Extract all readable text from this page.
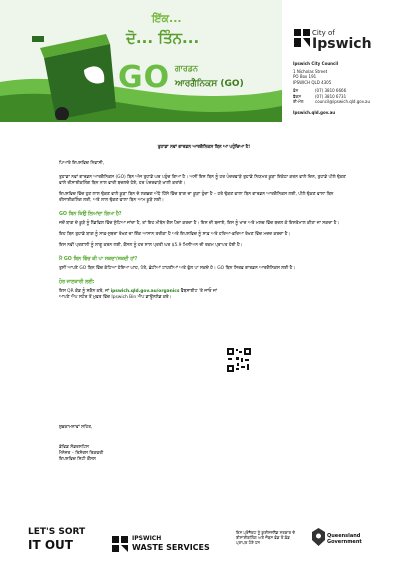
ਇੱਕ...
ਦੋ... ਤਿੰਨ...
GO ਗਾਰਡਨ
ਆਰਗੈਨਿਕਸ (GO)
City of
Ipswich
Ipswich City Council
1 Nicholas Street
PO Box 191
IPSWICH QLD 4305
ਫ਼ੋਨ	(07) 3810 6666
ਫ਼ੈਕਸ	(07) 3810 6731
ਈ-ਮੇਲ	council@ipswich.qld.gov.au
Ipswich.qld.gov.au
ਤੁਹਾਡਾ ਨਵਾਂ ਗਾਰਡਨ ਆਰਗੈਨਿਕਸ ਬਿਨ ਆ ਪਹੁੰਚਿਆ ਹੈ!
ਪਿਆਰੇ ਇਪਸਵਿਚ ਨਿਵਾਸੀ,
ਤੁਹਾਡਾ ਨਵਾਂ ਗਾਰਡਨ ਆਰਗੈਨਿਕਸ (GO) ਬਿਨ ਅੱਜ ਤੁਹਾਡੇ ਘਰ ਪਹੁੰਚ ਗਿਆ ਹੈ। ਅਸੀਂ ਇਸ ਬਿਨ ਨੂੰ ਹਰ ਪੰਦਰਵਾੜੇ ਤੁਹਾਡੇ ਨਿਯਮਤ ਕੂੜਾ ਇਕੱਠਾ ਕਰਨ ਵਾਲੇ ਦਿਨ, ਤੁਹਾਡੇ ਪੀਲੇ ਢੱਕਣ ਵਾਲੇ ਰੀਸਾਈਕਲਿੰਗ ਬਿਨ ਨਾਲ ਵਾਰੀ ਬਦਲਦੇ ਹੋਏ, ਹਰ ਪੰਦਰਵਾੜੇ ਖ਼ਾਲੀ ਕਰਾਂਗੇ।
ਇਪਸਵਿਚ ਵਿੱਚ ਹੁਣ ਲਾਲ ਢੱਕਣ ਵਾਲੇ ਕੂੜਾ ਬਿਨ ਦੇ ਲਗਭਗ ਅੱਧੇ ਹਿੱਸੇ ਵਿੱਚ ਬਾਗ਼ ਦਾ ਕੂੜਾ ਹੁੰਦਾ ਹੈ – ਹਰੇ ਢੱਕਣ ਵਾਲਾ ਬਿਨ ਗਾਰਡਨ ਆਰਗੈਨਿਕਸ ਲਈ, ਪੀਲੇ ਢੱਕਣ ਵਾਲਾ ਬਿਨ ਰੀਸਾਈਕਲਿੰਗ ਲਈ, ਅਤੇ ਲਾਲ ਢੱਕਣ ਵਾਲਾ ਬਿਨ ਆਮ ਕੂੜੇ ਲਈ।
GO ਬਿਨ ਕਿਉਂ ਲਿਆਂਦਾ ਗਿਆ ਹੈ?
ਜਦੋਂ ਬਾਗ਼ ਦੇ ਕੂੜੇ ਨੂੰ ਲੈਂਡਫਿਲ ਵਿੱਚ ਸੁੱਟਿਆ ਜਾਂਦਾ ਹੈ, ਤਾਂ ਇਹ ਮੀਥੇਨ ਗੈਸ ਪੈਦਾ ਕਰਦਾ ਹੈ। ਇਸ ਦੀ ਬਜਾਏ, ਇਸ ਨੂੰ ਖਾਦ ਅਤੇ ਮਲਚ ਵਿੱਚ ਬਦਲ ਕੇ ਇਸਤੇਮਾਲ ਕੀਤਾ ਜਾ ਸਕਦਾ ਹੈ।
ਇਹ ਬਿਨ ਤੁਹਾਡੇ ਬਾਗ਼ ਨੂੰ ਸਾਫ਼-ਸੁਥਰਾ ਰੱਖਣ ਦਾ ਇੱਕ ਆਸਾਨ ਤਰੀਕਾ ਹੈ ਅਤੇ ਇਪਸਵਿਚ ਨੂੰ ਸਾਫ਼ ਅਤੇ ਹਰਿਆ-ਭਰਿਆ ਰੱਖਣ ਵਿੱਚ ਮਦਦ ਕਰਦਾ ਹੈ।
ਇਸ ਨਵੀਂ ਪ੍ਰਣਾਲੀ ਨੂੰ ਲਾਗੂ ਕਰਨ ਲਈ, ਕੌਂਸਲ ਨੂੰ ਹਰ ਸਾਲ ਪ੍ਰਤੀ ਘਰ $5.9 ਮਿਲੀਅਨ ਦੀ ਰਕਮ ਪ੍ਰਾਪਤ ਹੋਈ ਹੈ।
ਮੈਂ GO ਬਿਨ ਵਿੱਚ ਕੀ ਪਾ ਸਕਦਾ/ਸਕਦੀ ਹਾਂ?
ਤੁਸੀਂ ਆਪਣੇ GO ਬਿਨ ਵਿੱਚ ਕੱਟਿਆ ਹੋਇਆ ਘਾਹ, ਪੱਤੇ, ਛੋਟੀਆਂ ਟਾਹਣੀਆਂ ਅਤੇ ਫੁੱਲ ਪਾ ਸਕਦੇ ਹੋ। GO ਬਿਨ ਸਿਰਫ਼ ਗਾਰਡਨ ਆਰਗੈਨਿਕਸ ਲਈ ਹੈ।
ਹੋਰ ਜਾਣਕਾਰੀ ਲਈ:
ਇਸ QR ਕੋਡ ਨੂੰ ਸਕੈਨ ਕਰੋ, ਜਾਂ ipswich.qld.gov.au/organics ਵੈੱਬਸਾਈਟ 'ਤੇ ਜਾਓ ਜਾਂ ਆਪਣੇ ਐਪ ਸਟੋਰ ਤੋਂ ਮੁਫ਼ਤ ਵਿੱਚ Ipswich Bin ਐਪ ਡਾਊਨਲੋਡ ਕਰੋ।
ਸ਼ੁਭਕਾਮਨਾਵਾਂ ਸਹਿਤ,
ਡੇਵਿਡ ਸੇਂਡਰਸਟਿਸ
ਮੈਨੇਜਰ – ਰਿਸੋਰਸ ਰਿਕਵਰੀ
ਇਪਸਵਿਚ ਸਿਟੀ ਕੌਂਸਲ
LET'S SORT
IT OUT	IPSWICH
WASTE SERVICES
ਇਸ ਪ੍ਰੋਜੈਕਟ ਨੂੰ ਕੁਈਨਜ਼ਲੈਂਡ ਸਰਕਾਰ ਦੇ ਰੀਸਾਈਕਲਿੰਗ ਅਤੇ ਜੌਬਸ ਫ਼ੰਡ ਤੋਂ ਫ਼ੰਡ ਪ੍ਰਾਪਤ ਹੋਏ ਹਨ
Queensland
Government
